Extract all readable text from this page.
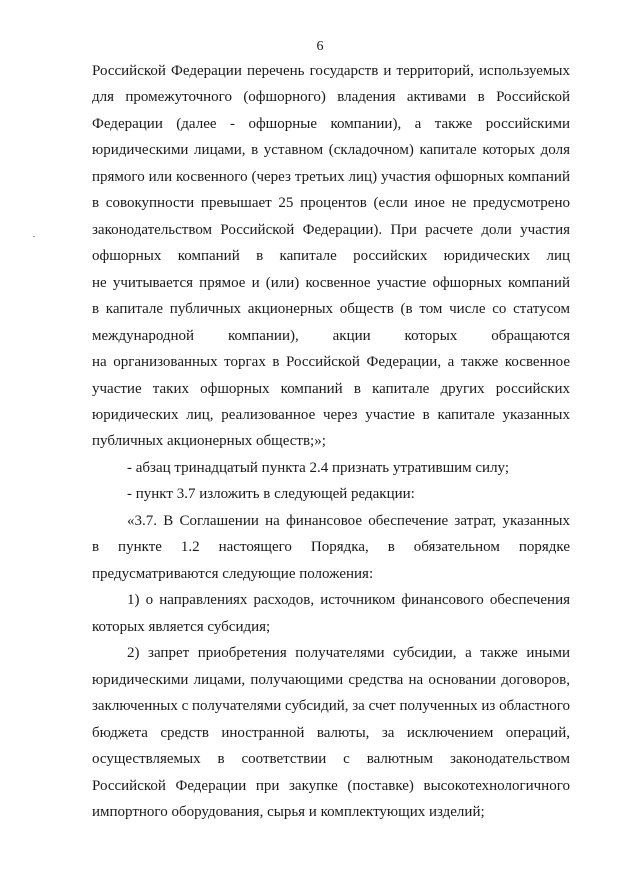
6
Российской Федерации перечень государств и территорий, используемых
для промежуточного (офшорного) владения активами в Российской
Федерации (далее - офшорные компании), а также российскими
юридическими лицами, в уставном (складочном) капитале которых доля
прямого или косвенного (через третьих лиц) участия офшорных компаний
в совокупности превышает 25 процентов (если иное не предусмотрено
законодательством Российской Федерации). При расчете доли участия
офшорных компаний в капитале российских юридических лиц
не учитывается прямое и (или) косвенное участие офшорных компаний
в капитале публичных акционерных обществ (в том числе со статусом
международной компании), акции которых обращаются
на организованных торгах в Российской Федерации, а также косвенное
участие таких офшорных компаний в капитале других российских
юридических лиц, реализованное через участие в капитале указанных
публичных акционерных обществ;»;
- абзац тринадцатый пункта 2.4 признать утратившим силу;
- пункт 3.7 изложить в следующей редакции:
«3.7. В Соглашении на финансовое обеспечение затрат, указанных
в пункте 1.2 настоящего Порядка, в обязательном порядке
предусматриваются следующие положения:
1) о направлениях расходов, источником финансового обеспечения
которых является субсидия;
2) запрет приобретения получателями субсидии, а также иными
юридическими лицами, получающими средства на основании договоров,
заключенных с получателями субсидий, за счет полученных из областного
бюджета средств иностранной валюты, за исключением операций,
осуществляемых в соответствии с валютным законодательством
Российской Федерации при закупке (поставке) высокотехнологичного
импортного оборудования, сырья и комплектующих изделий;
